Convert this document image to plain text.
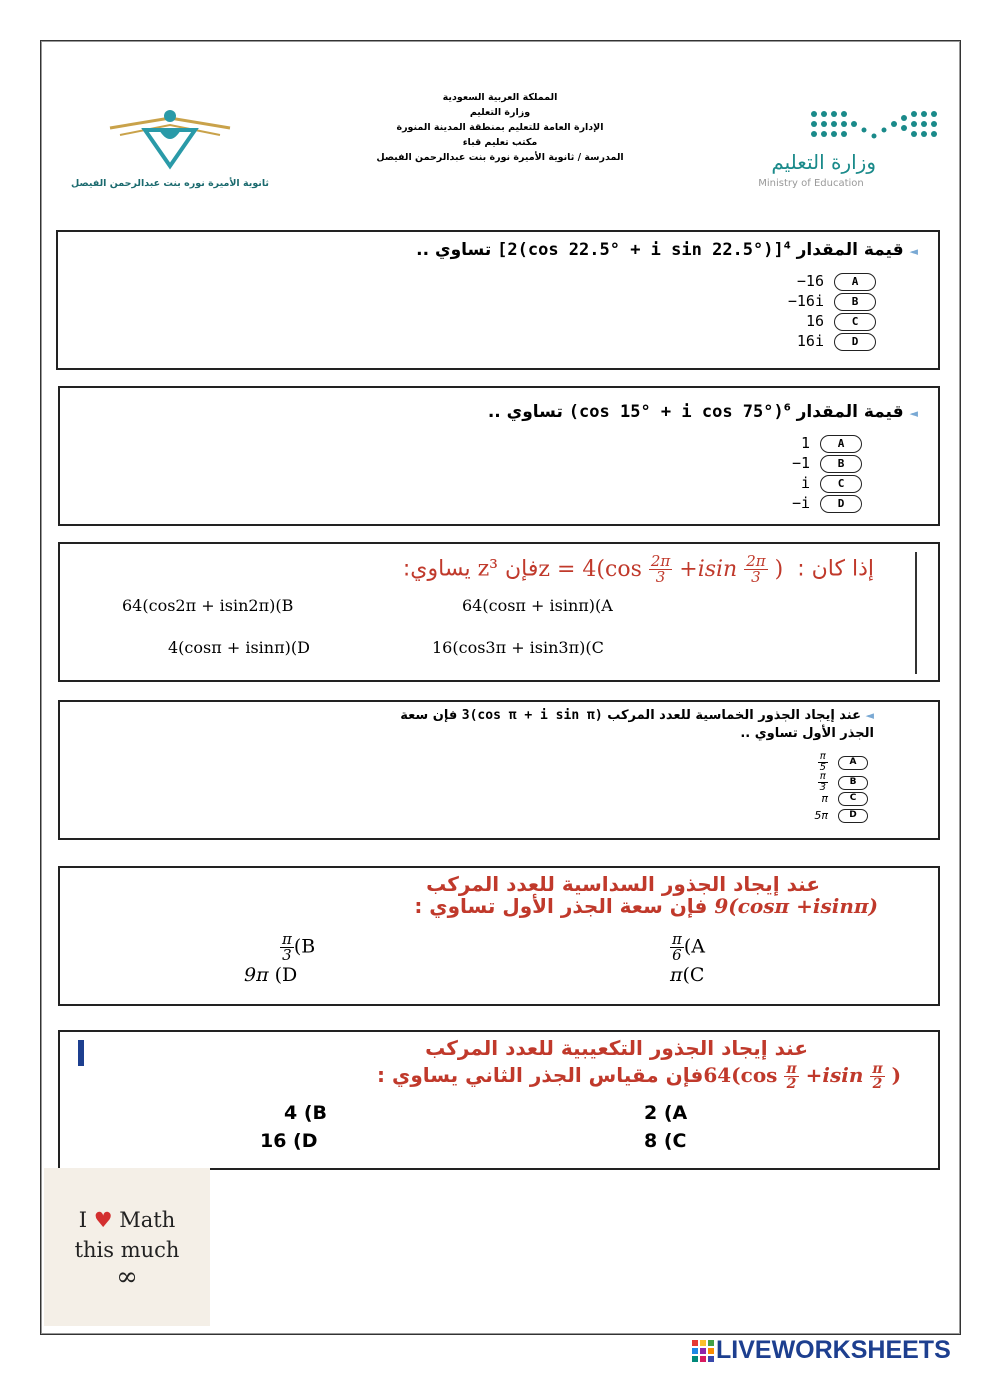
ثانوية الأميرة نوره بنت عبدالرحمن الفيصل
المملكة العربية السعودية
وزارة التعليم
الإدارة العامة للتعليم بمنطقة المدينة المنورة
مكتب تعليم قباء
المدرسة / ثانوية الأميرة نورة بنت عبدالرحمن الفيصل	وزارة التعليم
Ministry of Education
◄ قيمة المقدار [2(cos 22.5° + i sin 22.5°)]$^4$ تساوي ..
A−16
B−16i
C16
D16i
◄ قيمة المقدار (cos 15° + i cos 75°)$^6$ تساوي ..
A1
B−1
Ci
D−i
إذا كان : $z = 4(\cos \frac{2\pi}{3} +isin \frac{2\pi}{3}$ ) فإن z³ يساوي:
64(cos2π + isin2π)(B	64(cosπ + isinπ)(A
4(cosπ + isinπ)(D	16(cos3π + isin3π)(C
◄ عند إيجاد الجذور الخماسية للعدد المركب 3(cos π + i sin π) فإن سعة
الجذر الأول تساوي ..
A
$\frac{\pi}{5}$
B
$\frac{\pi}{3}$
Cπ
D5π
عند إيجاد الجذور السداسية للعدد المركب
9(cosπ +isinπ) فإن سعة الجذر الأول تساوي :
$\frac{\pi}{3} (B$	$\frac{\pi}{6} (A$
9π (D	π(C
عند إيجاد الجذور التكعيبية للعدد المركب
$64(\cos \frac{\pi}{2} +isin \frac{\pi}{2}$ ) فإن مقياس الجذر الثاني يساوي :
4 (B	2 (A
16 (D	8 (C
I ♥ Math
this much
∞
LIVEWORKSHEETS
